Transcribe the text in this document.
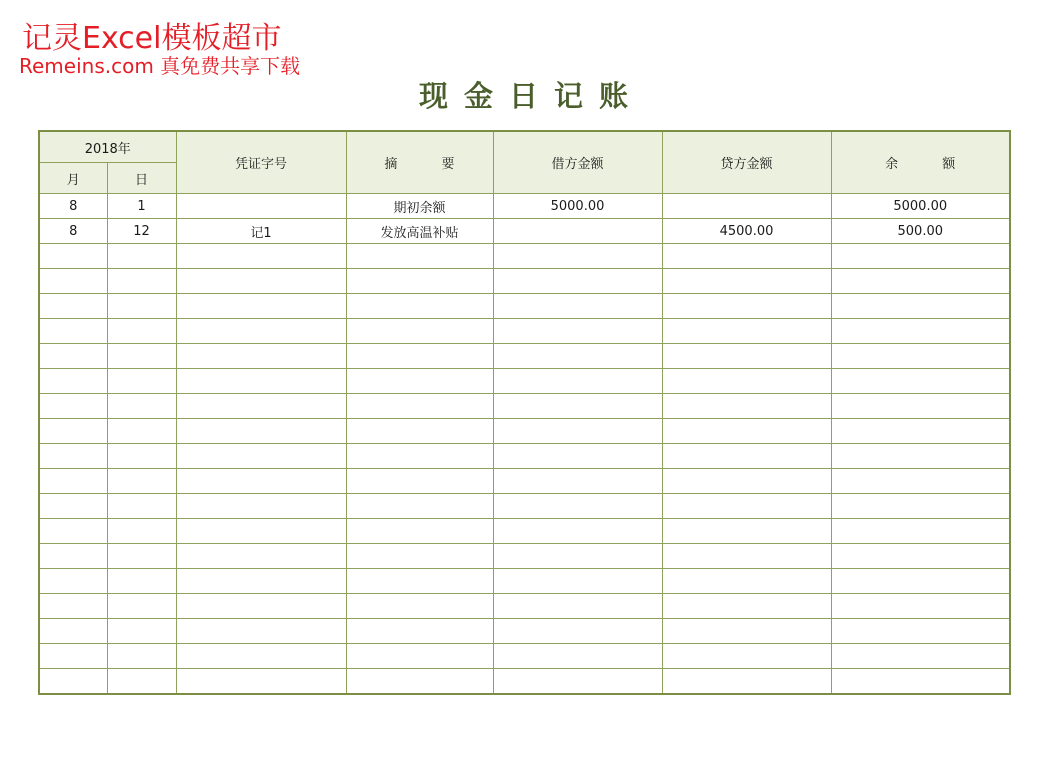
记灵Excel模板超市
Remeins.com 真免费共享下载
现金日记账
2018年		凭证字号	摘 要	借方金额	贷方金额	余 额
月	日					
8	1		期初余额	5000.00		5000.00
8	12	记1	发放高温补贴		4500.00	500.00
